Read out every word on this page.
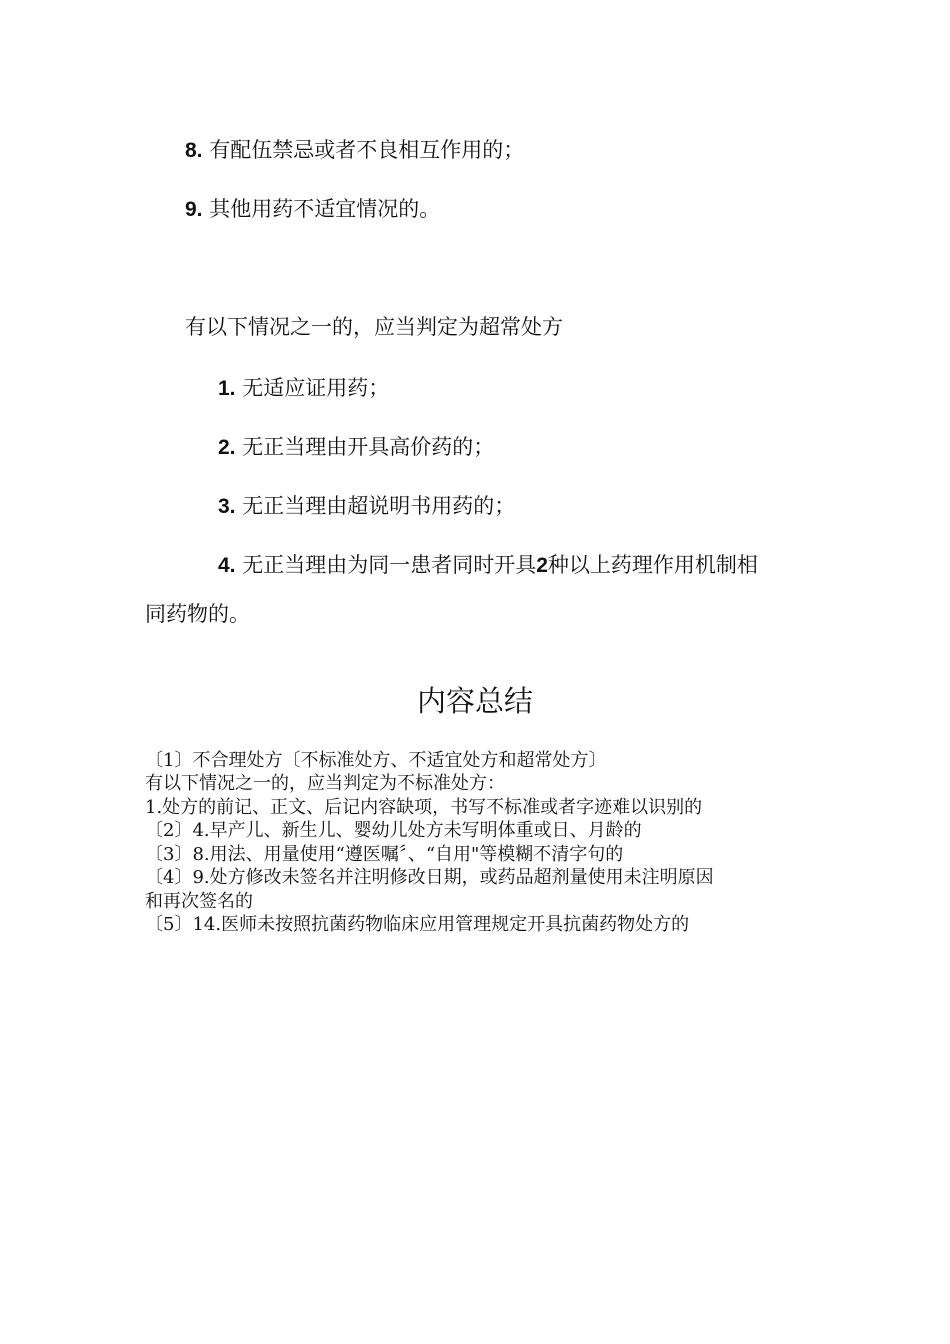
8. 有配伍禁忌或者不良相互作用的；
9. 其他用药不适宜情况的。
有以下情况之一的，应当判定为超常处方
1. 无适应证用药；
2. 无正当理由开具高价药的；
3. 无正当理由超说明书用药的；
4. 无正当理由为同一患者同时开具2种以上药理作用机制相
同药物的。
内容总结
〔1〕不合理处方〔不标准处方、不适宜处方和超常处方〕
有以下情况之一的，应当判定为不标准处方：
1.处方的前记、正文、后记内容缺项，书写不标准或者字迹难以识别的
〔2〕4.早产儿、新生儿、婴幼儿处方未写明体重或日、月龄的
〔3〕8.用法、用量使用“遵医嘱〞、“自用"等模糊不清字句的
〔4〕9.处方修改未签名并注明修改日期，或药品超剂量使用未注明原因
和再次签名的
〔5〕14.医师未按照抗菌药物临床应用管理规定开具抗菌药物处方的
